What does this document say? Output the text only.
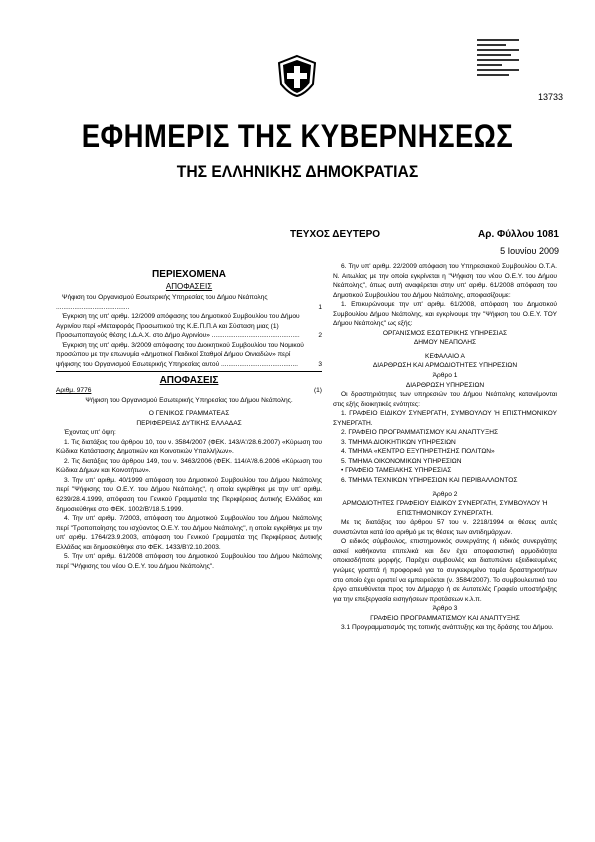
13733
ΕΦΗΜΕΡΙΣ ΤΗΣ ΚΥΒΕΡΝΗΣΕΩΣ
ΤΗΣ ΕΛΛΗΝΙΚΗΣ ΔΗΜΟΚΡΑΤΙΑΣ
ΤΕΥΧΟΣ ΔΕΥΤΕΡΟ	Αρ. Φύλλου 1081
5 Ιουνίου 2009
ΠΕΡΙΕΧΟΜΕΝΑ
ΑΠΟΦΑΣΕΙΣ
Ψήφιση του Οργανισμού Εσωτερικής Υπηρεσίας του Δήμου Νεάπολης ........................................	1
Έγκριση της υπ' αριθμ. 12/2009 απόφασης του Δημοτικού Συμβουλίου του Δήμου Αγρινίου περί «Μεταφοράς Προσωπικού της Κ.Ε.Π.Π.Α και Σύσταση μιας (1) Προσωποπαγούς θέσης Ι.Δ.Α.Χ. στο Δήμο Αγρινίου» ................................................	2
Έγκριση της υπ' αριθμ. 3/2009 απόφασης του Διοικητικού Συμβουλίου του Νομικού προσώπου με την επωνυμία «Δημοτικοί Παιδικοί Σταθμοί Δήμου Οινιαδών» περί ψήφισης του Οργανισμού Εσωτερικής Υπηρεσίας αυτού ..........................................	3
ΑΠΟΦΑΣΕΙΣ
Αριθμ. 9776	(1)
Ψήφιση του Οργανισμού Εσωτερικής Υπηρεσίας του Δήμου Νεάπολης.
Ο ΓΕΝΙΚΟΣ ΓΡΑΜΜΑΤΕΑΣ
ΠΕΡΙΦΕΡΕΙΑΣ ΔΥΤΙΚΗΣ ΕΛΛΑΔΑΣ

Έχοντας υπ' όψη:

1. Τις διατάξεις του άρθρου 10, του ν. 3584/2007 (ΦΕΚ. 143/Α'/28.6.2007) «Κύρωση του Κώδικα Κατάστασης Δημοτικών και Κοινοτικών Υπαλλήλων».

2. Τις διατάξεις του άρθρου 149, του ν. 3463/2006 (ΦΕΚ. 114/Α'/8.6.2006 «Κύρωση του Κώδικα Δήμων και Κοινοτήτων».

3. Την υπ' αριθμ. 40/1999 απόφαση του Δημοτικού Συμβουλίου του Δήμου Νεάπολης περί "Ψήφισης του Ο.Ε.Υ. του Δήμου Νεάπολης", η οποία εγκρίθηκε με την υπ' αριθμ. 6239/28.4.1999, απόφαση του Γενικού Γραμματέα της Περιφέρειας Δυτικής Ελλάδας και δημοσιεύθηκε στο ΦΕΚ. 1002/Β'/18.5.1999.

4. Την υπ' αριθμ. 7/2003, απόφαση του Δημοτικού Συμβουλίου του Δήμου Νεάπολης περί "Τροποποίησης του ισχύοντος Ο.Ε.Υ. του Δήμου Νεάπολης", η οποία εγκρίθηκε με την υπ' αριθμ. 1764/23.9.2003, απόφαση του Γενικού Γραμματέα της Περιφέρειας Δυτικής Ελλάδας και δημοσιεύθηκε στο ΦΕΚ. 1433/Β'/2.10.2003.

5. Την υπ' αριθμ. 61/2008 απόφαση του Δημοτικού Συμβουλίου του Δήμου Νεάπολης περί "Ψήφισης του νέου Ο.Ε.Υ. του Δήμου Νεάπολης".

6. Την υπ' αριθμ. 22/2009 απόφαση του Υπηρεσιακού Συμβουλίου Ο.Τ.Α. Ν. Αιτωλίας με την οποία εγκρίνεται η "Ψήφιση του νέου Ο.Ε.Υ. του Δήμου Νεάπολης", όπως αυτή αναφέρεται στην υπ' αριθμ. 61/2008 απόφαση του Δημοτικού Συμβουλίου του Δήμου Νεάπολης, αποφασίζουμε:

1. Επικυρώνουμε την υπ' αριθμ. 61/2008, απόφαση του Δημοτικού Συμβουλίου Δήμου Νεάπολης, και εγκρίνουμε την "Ψήφιση του Ο.Ε.Υ. ΤΟΥ Δήμου Νεάπολης" ως εξής:

ΟΡΓΑΝΙΣΜΟΣ ΕΣΩΤΕΡΙΚΗΣ ΥΠΗΡΕΣΙΑΣ
ΔΗΜΟΥ ΝΕΑΠΟΛΗΣ
ΚΕΦΑΛΑΙΟ Α
ΔΙΑΡΘΡΩΣΗ ΚΑΙ ΑΡΜΟΔΙΟΤΗΤΕΣ ΥΠΗΡΕΣΙΩΝ
Άρθρο 1
ΔΙΑΡΘΡΩΣΗ ΥΠΗΡΕΣΙΩΝ

Οι δραστηριότητες των υπηρεσιών του Δήμου Νεάπολης κατανέμονται στις εξής διοικητικές ενότητες:

1. ΓΡΑΦΕΙΟ ΕΙΔΙΚΟΥ ΣΥΝΕΡΓΑΤΗ, ΣΥΜΒΟΥΛΟΥ Ή ΕΠΙΣΤΗΜΟΝΙΚΟΥ ΣΥΝΕΡΓΑΤΗ.

2. ΓΡΑΦΕΙΟ ΠΡΟΓΡΑΜΜΑΤΙΣΜΟΥ ΚΑΙ ΑΝΑΠΤΥΞΗΣ

3. ΤΜΗΜΑ ΔΙΟΙΚΗΤΙΚΩΝ ΥΠΗΡΕΣΙΩΝ

4. ΤΜΗΜΑ «ΚΕΝΤΡΟ ΕΞΥΠΗΡΕΤΗΣΗΣ ΠΟΛΙΤΩΝ»

5. ΤΜΗΜΑ ΟΙΚΟΝΟΜΙΚΩΝ ΥΠΗΡΕΣΙΩΝ

• ΓΡΑΦΕΙΟ ΤΑΜΕΙΑΚΗΣ ΥΠΗΡΕΣΙΑΣ

6. ΤΜΗΜΑ ΤΕΧΝΙΚΩΝ ΥΠΗΡΕΣΙΩΝ ΚΑΙ ΠΕΡΙΒΑΛΛΟΝΤΟΣ

Άρθρο 2
ΑΡΜΟΔΙΟΤΗΤΕΣ ΓΡΑΦΕΙΟΥ ΕΙΔΙΚΟΥ ΣΥΝΕΡΓΑΤΗ, ΣΥΜΒΟΥΛΟΥ Ή ΕΠΙΣΤΗΜΟΝΙΚΟΥ ΣΥΝΕΡΓΑΤΗ.

Με τις διατάξεις του άρθρου 57 του ν. 2218/1994 οι θέσεις αυτές συνιστώνται κατά ίσο αριθμό με τις θέσεις των αντιδημάρχων.

Ο ειδικός σύμβουλος, επιστημονικός συνεργάτης ή ειδικός συνεργάτης ασκεί καθήκοντα επιτελικά και δεν έχει αποφασιστική αρμοδιότητα οποιασδήποτε μορφής. Παρέχει συμβουλές και διατυπώνει εξειδικευμένες γνώμες γραπτά ή προφορικά για το συγκεκριμένο τομέα δραστηριοτήτων στο οποίο έχει οριστεί να εμπειρεύεται (ν. 3584/2007). Το συμβουλευτικό του έργο απευθύνεται προς τον Δήμαρχο ή σε Αυτοτελές Γραφείο υποστήριξης για την επεξεργασία εισηγήσεων προτάσεων κ.λ.π.

Άρθρο 3
ΓΡΑΦΕΙΟ ΠΡΟΓΡΑΜΜΑΤΙΣΜΟΥ ΚΑΙ ΑΝΑΠΤΥΞΗΣ

3.1 Προγραμματισμός της τοπικής ανάπτυξης και της δράσης του Δήμου.
